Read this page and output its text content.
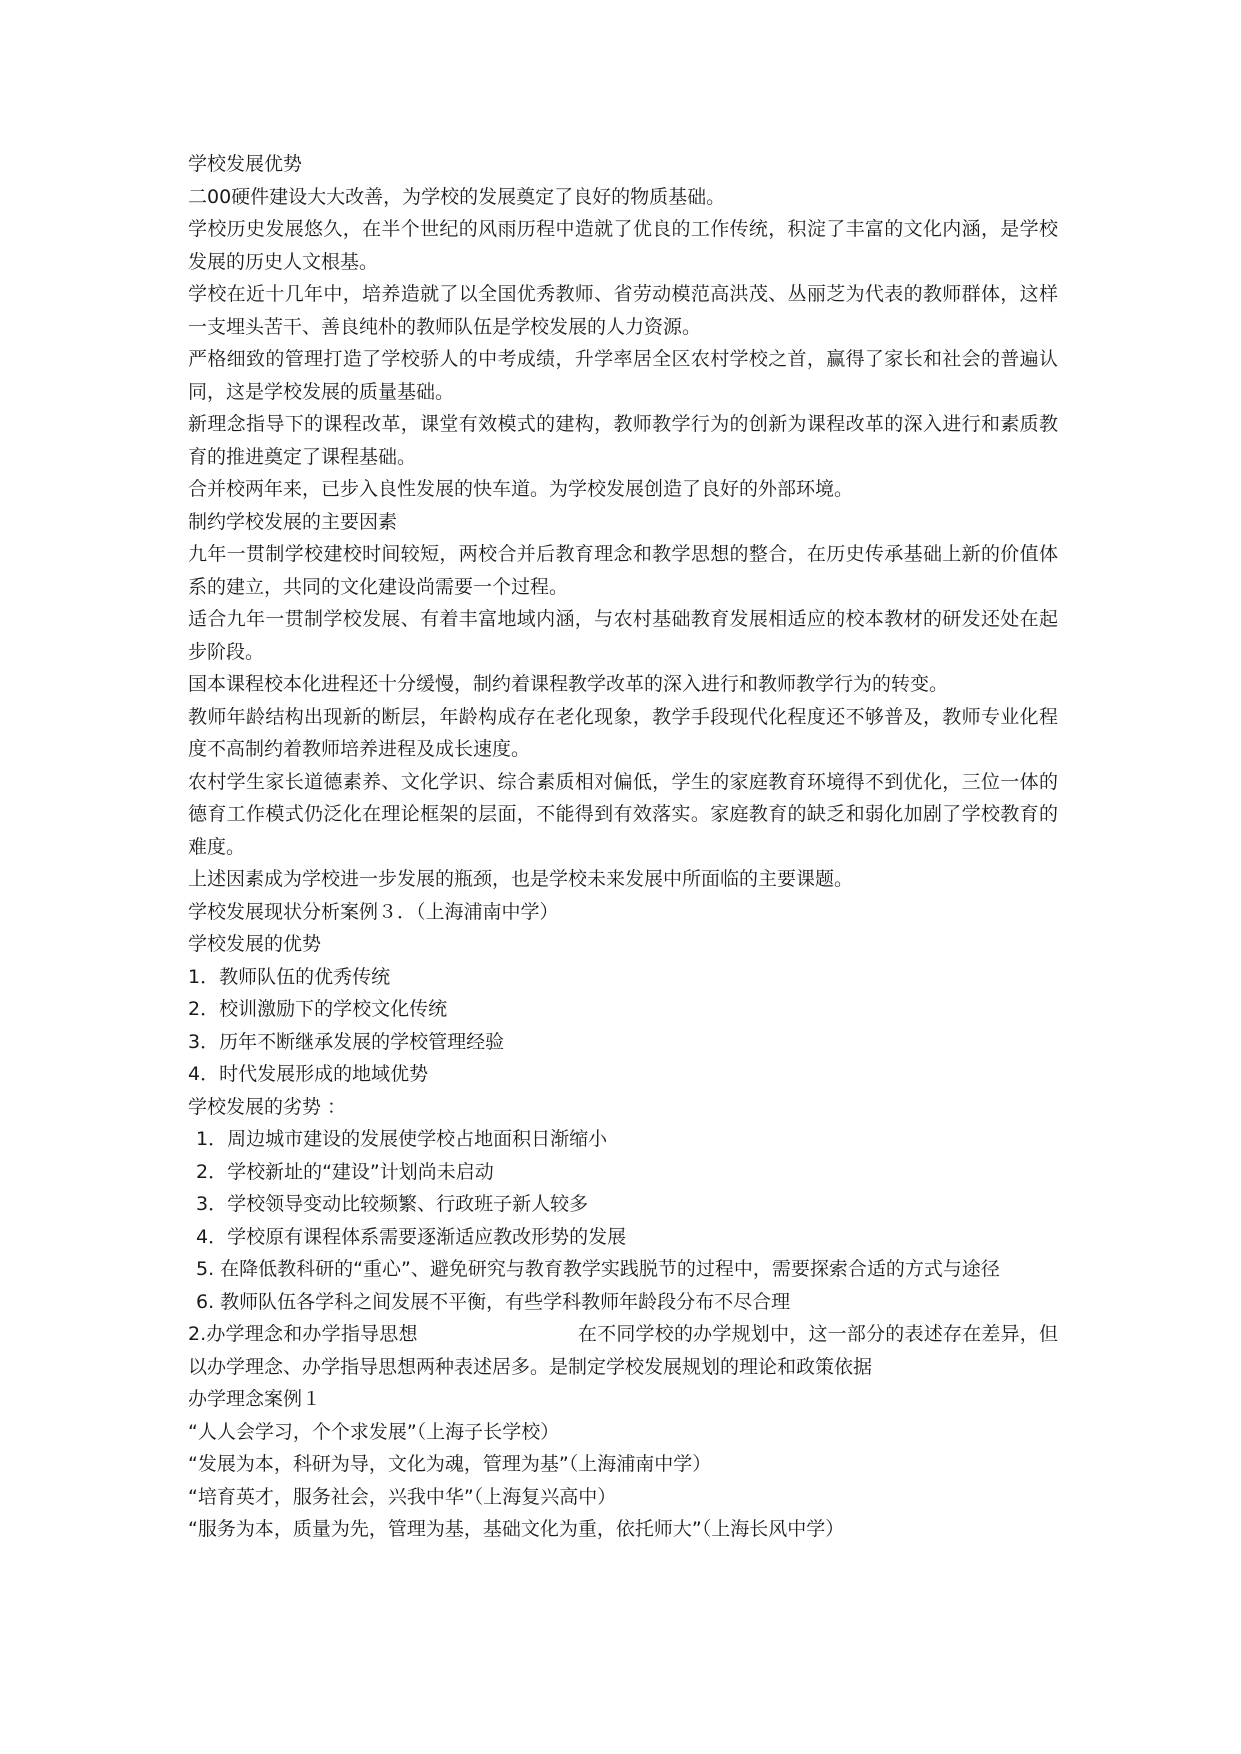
学校发展优势

二00硬件建设大大改善，为学校的发展奠定了良好的物质基础。

学校历史发展悠久，在半个世纪的风雨历程中造就了优良的工作传统，积淀了丰富的文化内涵，是学校发展的历史人文根基。

学校在近十几年中，培养造就了以全国优秀教师、省劳动模范高洪茂、丛丽芝为代表的教师群体，这样一支埋头苦干、善良纯朴的教师队伍是学校发展的人力资源。

严格细致的管理打造了学校骄人的中考成绩，升学率居全区农村学校之首，赢得了家长和社会的普遍认同，这是学校发展的质量基础。

新理念指导下的课程改革，课堂有效模式的建构，教师教学行为的创新为课程改革的深入进行和素质教育的推进奠定了课程基础。

合并校两年来，已步入良性发展的快车道。为学校发展创造了良好的外部环境。

制约学校发展的主要因素

九年一贯制学校建校时间较短，两校合并后教育理念和教学思想的整合，在历史传承基础上新的价值体系的建立，共同的文化建设尚需要一个过程。

适合九年一贯制学校发展、有着丰富地域内涵，与农村基础教育发展相适应的校本教材的研发还处在起步阶段。

国本课程校本化进程还十分缓慢，制约着课程教学改革的深入进行和教师教学行为的转变。

教师年龄结构出现新的断层，年龄构成存在老化现象，教学手段现代化程度还不够普及，教师专业化程度不高制约着教师培养进程及成长速度。

农村学生家长道德素养、文化学识、综合素质相对偏低，学生的家庭教育环境得不到优化，三位一体的德育工作模式仍泛化在理论框架的层面，不能得到有效落实。家庭教育的缺乏和弱化加剧了学校教育的难度。

上述因素成为学校进一步发展的瓶颈，也是学校未来发展中所面临的主要课题。

学校发展现状分析案例３．（上海浦南中学）

学校发展的优势

1．教师队伍的优秀传统

2．校训激励下的学校文化传统

3．历年不断继承发展的学校管理经验

4．时代发展形成的地域优势

学校发展的劣势 ：

1．周边城市建设的发展使学校占地面积日渐缩小

2．学校新址的“建设”计划尚未启动

3．学校领导变动比较频繁、行政班子新人较多

4．学校原有课程体系需要逐渐适应教改形势的发展

5. 在降低教科研的“重心”、避免研究与教育教学实践脱节的过程中，需要探索合适的方式与途径

6. 教师队伍各学科之间发展不平衡，有些学科教师年龄段分布不尽合理

2.办学理念和办学指导思想	在不同学校的办学规划中，这一部分的表述存在差异，但以办学理念、办学指导思想两种表述居多。是制定学校发展规划的理论和政策依据

办学理念案例１

“人人会学习，个个求发展”（上海子长学校）

“发展为本，科研为导，文化为魂，管理为基”（上海浦南中学）

“培育英才，服务社会，兴我中华”（上海复兴高中）

“服务为本，质量为先，管理为基，基础文化为重，依托师大”（上海长风中学）
